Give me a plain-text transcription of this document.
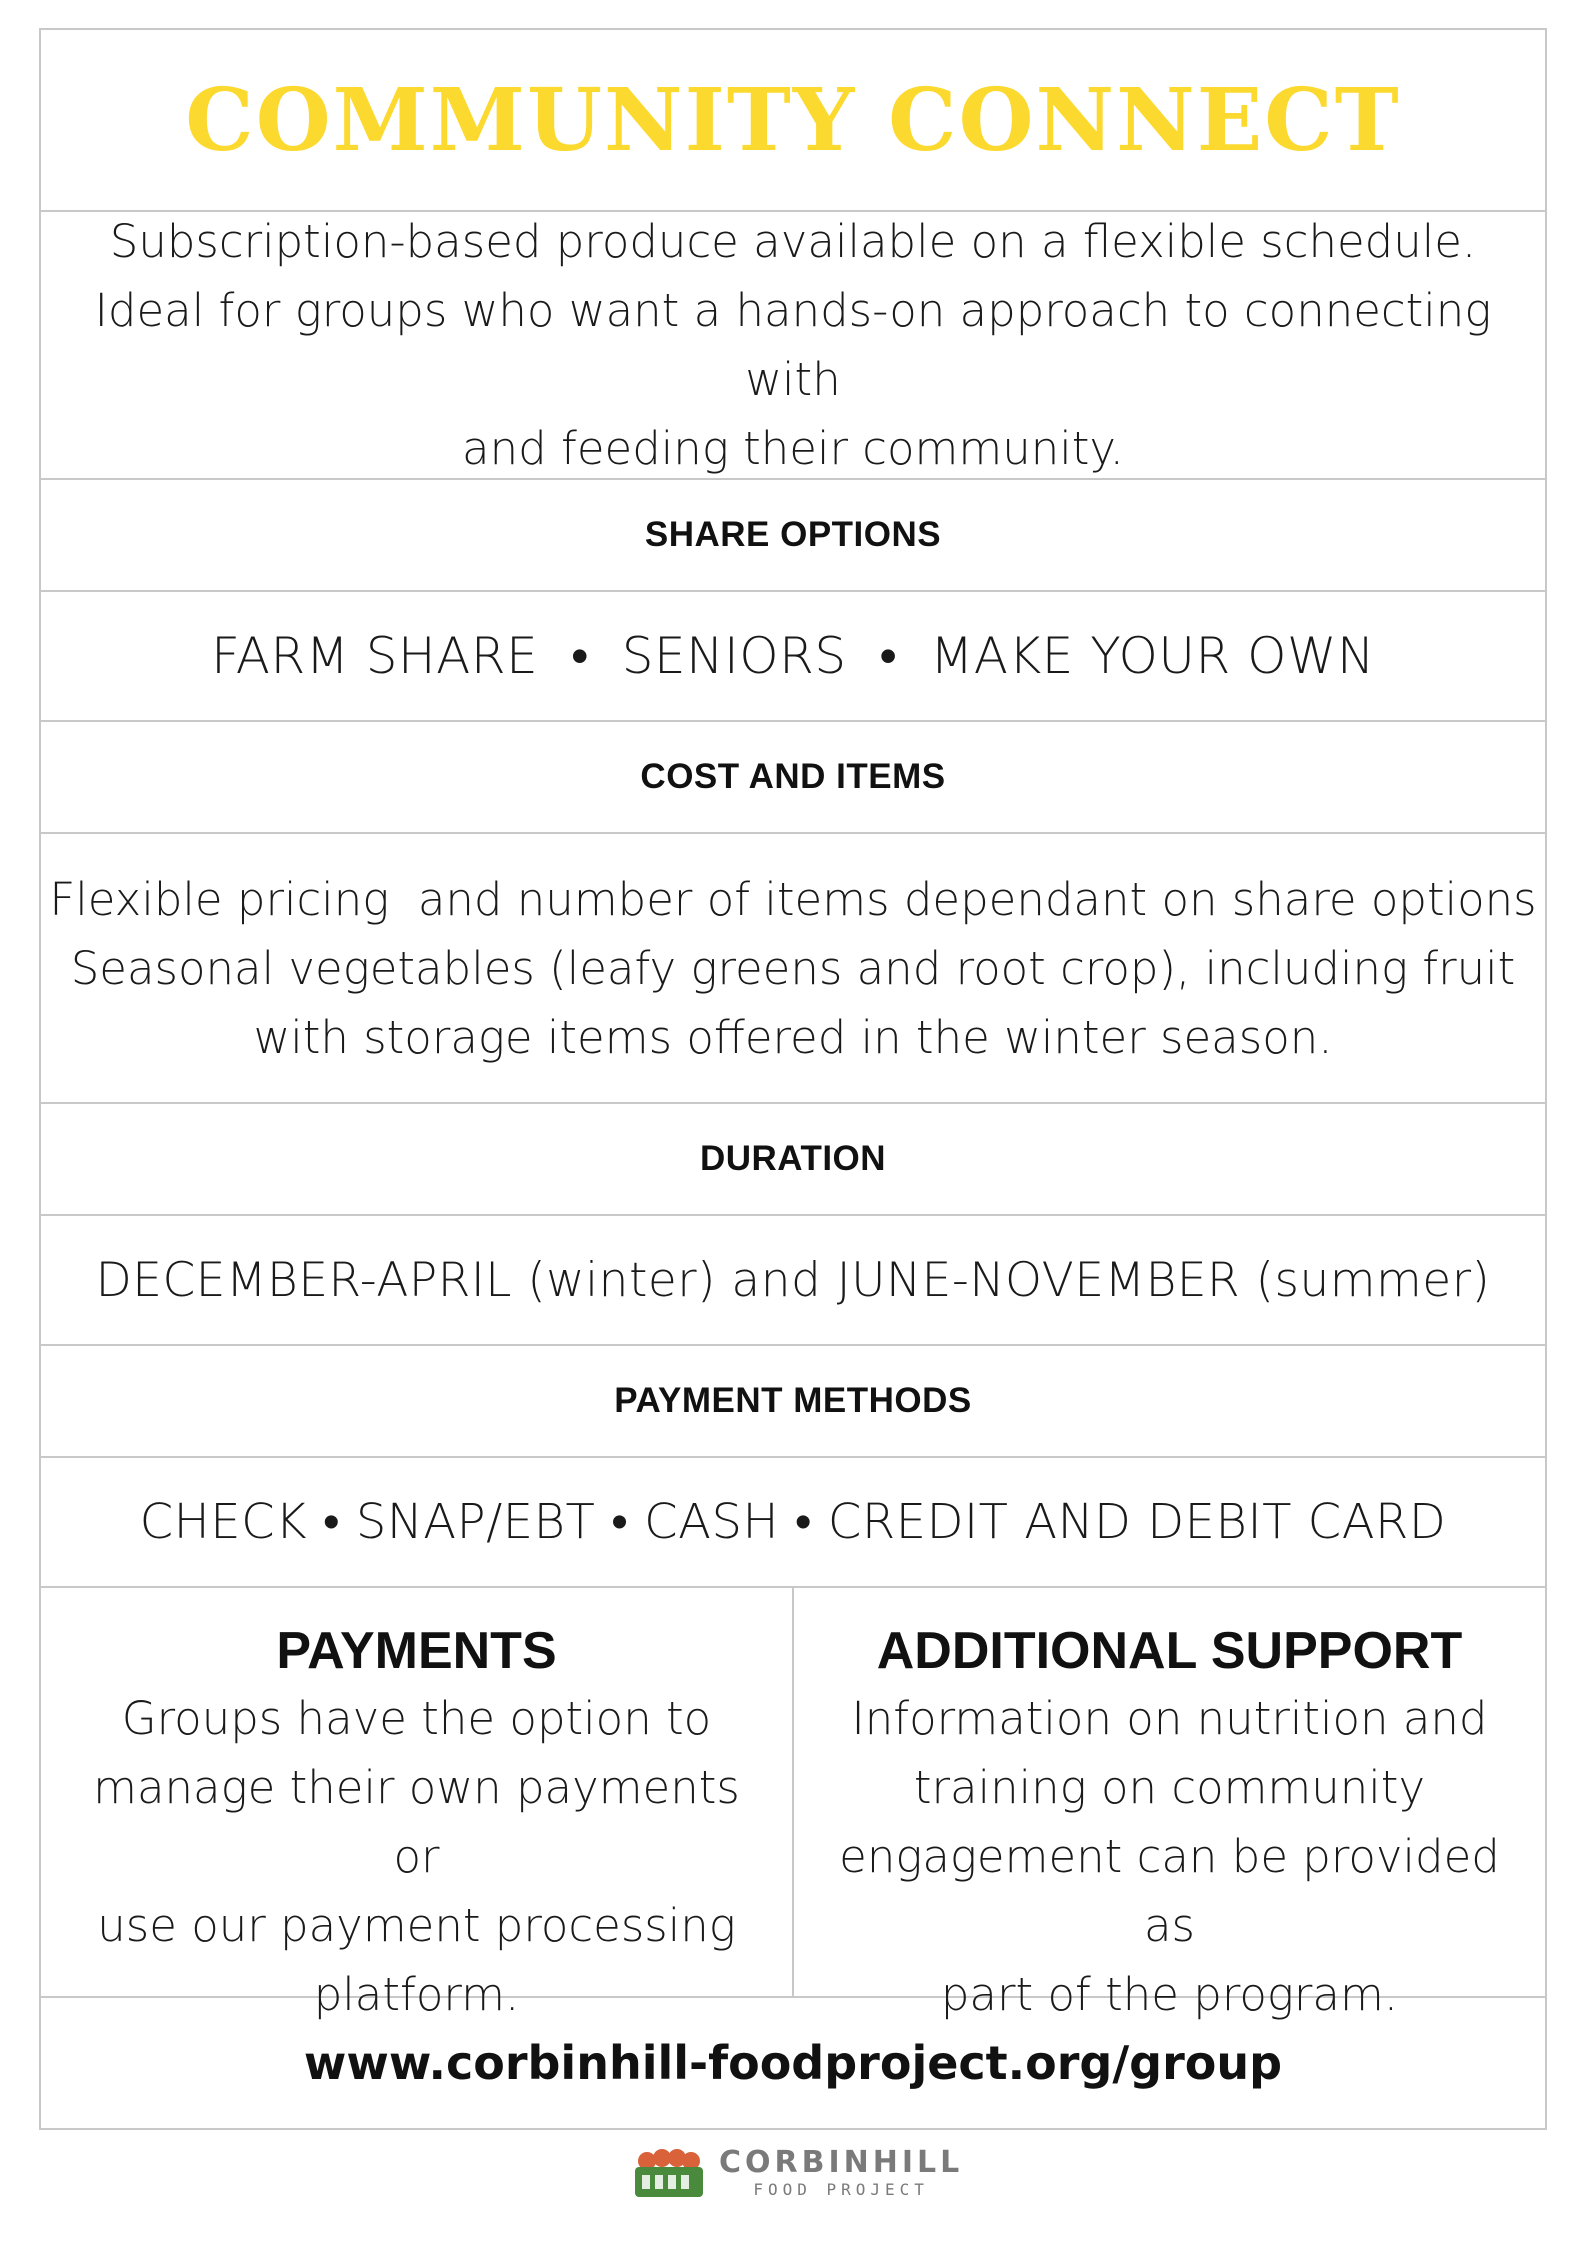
COMMUNITY CONNECT
Subscription-based produce available on a flexible schedule.
Ideal for groups who want a hands-on approach to connecting with
and feeding their community.
SHARE OPTIONS
FARM SHARE  •  SENIORS  •  MAKE YOUR OWN
COST AND ITEMS
Flexible pricing  and number of items dependant on share options
Seasonal vegetables (leafy greens and root crop), including fruit
with storage items offered in the winter season.
DURATION
DECEMBER-APRIL (winter) and JUNE-NOVEMBER (summer)
PAYMENT METHODS
CHECK • SNAP/EBT • CASH • CREDIT AND DEBIT CARD
PAYMENTS
Groups have the option to
manage their own payments or
use our payment processing
platform.
ADDITIONAL SUPPORT
Information on nutrition and
training on community
engagement can be provided as
part of the program.
www.corbinhill-foodproject.org/group
CORBINHILL
FOOD PROJECT
